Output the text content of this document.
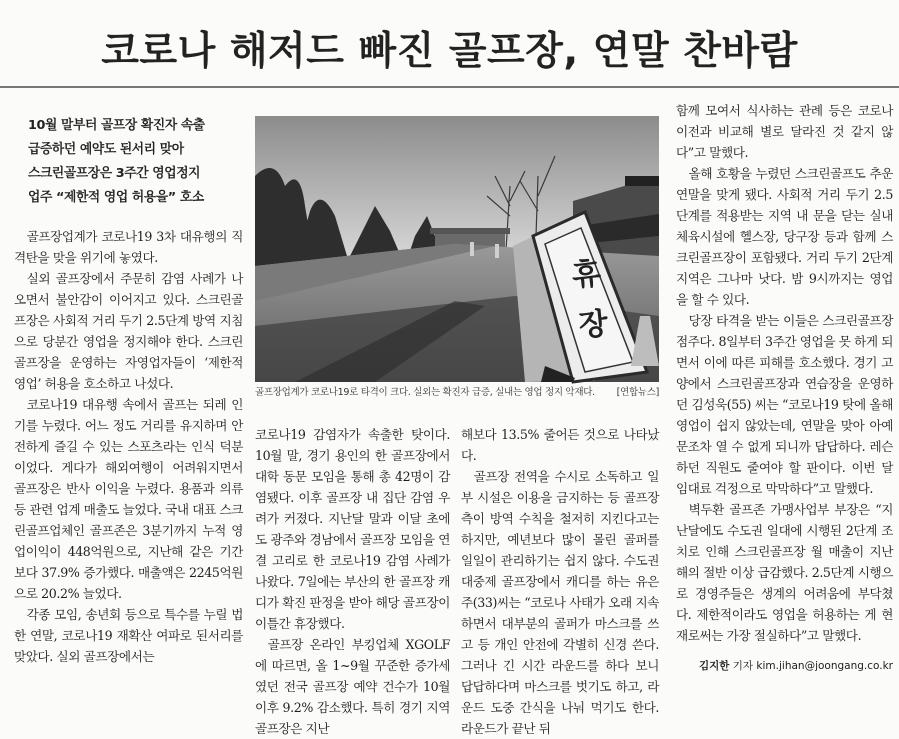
코로나 해저드 빠진 골프장, 연말 찬바람
10월 말부터 골프장 확진자 속출
급증하던 예약도 된서리 맞아
스크린골프장은 3주간 영업정지
업주 “제한적 영업 허용을” 호소

골프장업계가 코로나19 3차 대유행의 직격탄을 맞을 위기에 놓였다.

실외 골프장에서 주문히 감염 사례가 나오면서 불안감이 이어지고 있다. 스크린골프장은 사회적 거리 두기 2.5단계 방역 지침으로 당분간 영업을 정지해야 한다. 스크린골프장을 운영하는 자영업자들이 ‘제한적 영업’ 허용을 호소하고 나섰다.

코로나19 대유행 속에서 골프는 되레 인기를 누렸다. 어느 정도 거리를 유지하며 안전하게 즐길 수 있는 스포츠라는 인식 덕분이었다. 게다가 해외여행이 어려워지면서 골프장은 반사 이익을 누렸다. 용품과 의류 등 관련 업계 매출도 늘었다. 국내 대표 스크린골프업체인 골프존은 3분기까지 누적 영업이익이 448억원으로, 지난해 같은 기간보다 37.9% 증가했다. 매출액은 2245억원으로 20.2% 늘었다.

각종 모임, 송년회 등으로 특수를 누릴 법한 연말, 코로나19 재확산 여파로 된서리를 맞았다. 실외 골프장에서는

휴
장
골프장업계가 코로나19로 타격이 크다. 실외는 확진자 급증, 실내는 영업 정지 악재다. [연합뉴스]

코로나19 감염자가 속출한 탓이다. 10월 말, 경기 용인의 한 골프장에서 대학 동문 모임을 통해 총 42명이 감염됐다. 이후 골프장 내 집단 감염 우려가 커졌다. 지난달 말과 이달 초에도 광주와 경남에서 골프장 모임을 연결 고리로 한 코로나19 감염 사례가 나왔다. 7일에는 부산의 한 골프장 캐디가 확진 판정을 받아 해당 골프장이 이틀간 휴장했다.

골프장 온라인 부킹업체 XGOLF에 따르면, 올 1~9월 꾸준한 증가세였던 전국 골프장 예약 건수가 10월 이후 9.2% 감소했다. 특히 경기 지역 골프장은 지난

해보다 13.5% 줄어든 것으로 나타났다.

골프장 전역을 수시로 소독하고 일부 시설은 이용을 금지하는 등 골프장 측이 방역 수칙을 철저히 지킨다고는 하지만, 예년보다 많이 몰린 골퍼를 일일이 관리하기는 쉽지 않다. 수도권 대중제 골프장에서 캐디를 하는 유은주(33)씨는 “코로나 사태가 오래 지속하면서 대부분의 골퍼가 마스크를 쓰고 등 개인 안전에 각별히 신경 쓴다. 그러나 긴 시간 라운드를 하다 보니 답답하다며 마스크를 벗기도 하고, 라운드 도중 간식을 나눠 먹기도 한다. 라운드가 끝난 뒤

함께 모여서 식사하는 관례 등은 코로나 이전과 비교해 별로 달라진 것 같지 않다”고 말했다.

올해 호황을 누렸던 스크린골프도 추운 연말을 맞게 됐다. 사회적 거리 두기 2.5단계를 적용받는 지역 내 문을 닫는 실내체육시설에 헬스장, 당구장 등과 함께 스크린골프장이 포함됐다. 거리 두기 2단계 지역은 그나마 낫다. 밤 9시까지는 영업을 할 수 있다.

당장 타격을 받는 이들은 스크린골프장 점주다. 8일부터 3주간 영업을 못 하게 되면서 이에 따른 피해를 호소했다. 경기 고양에서 스크린골프장과 연습장을 운영하던 김성욱(55) 씨는 “코로나19 탓에 올해 영업이 쉽지 않았는데, 연말을 맞아 아예 문조차 열 수 없게 되니까 답답하다. 레슨 하던 직원도 줄여야 할 판이다. 이번 달 임대료 걱정으로 막막하다”고 말했다.

벽두환 골프존 가맹사업부 부장은 “지난달에도 수도권 일대에 시행된 2단계 조치로 인해 스크린골프장 월 매출이 지난해의 절반 이상 급감했다. 2.5단계 시행으로 경영주들은 생계의 어려움에 부닥쳤다. 제한적이라도 영업을 허용하는 게 현재로써는 가장 절실하다”고 말했다.

김지한 기자 kim.jihan@joongang.co.kr
